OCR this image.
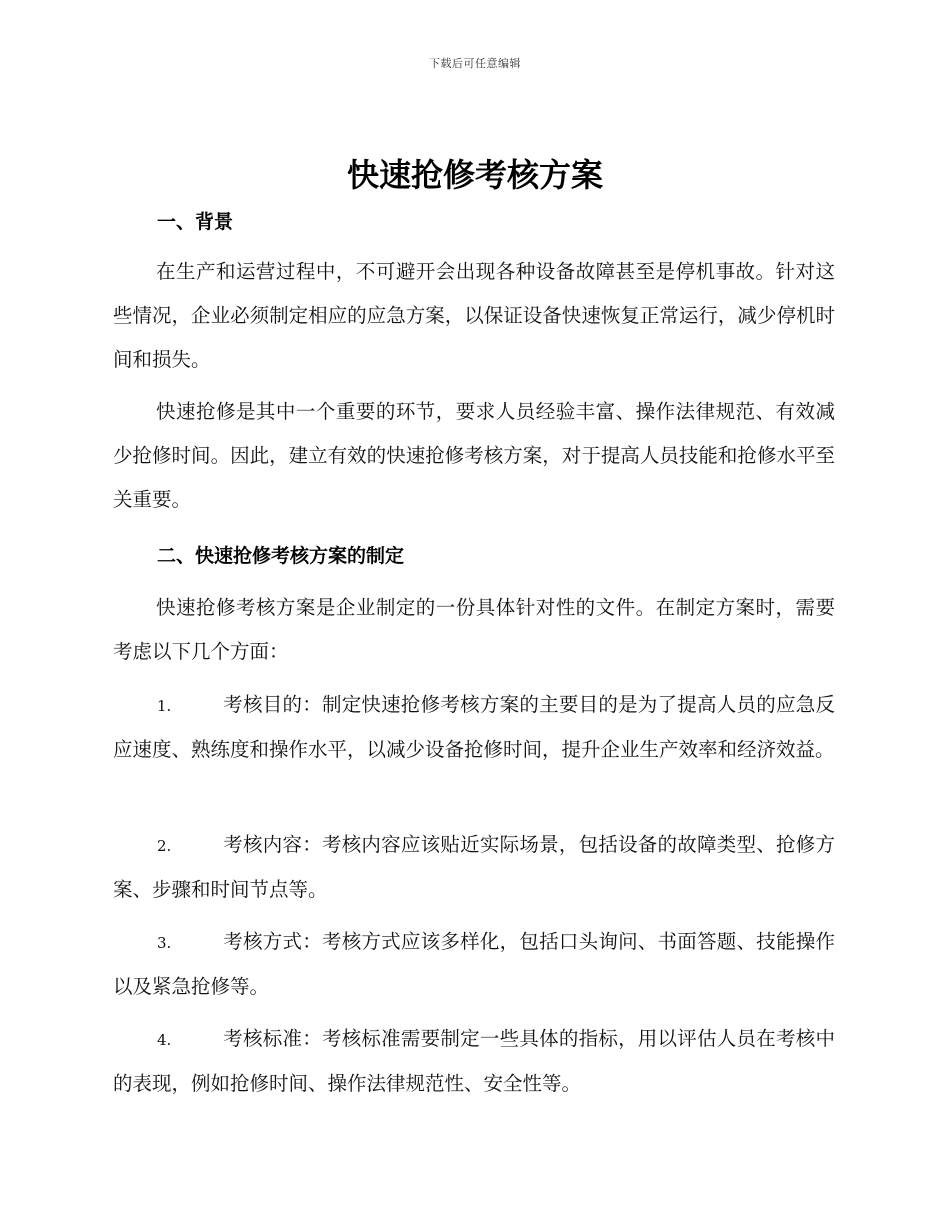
下载后可任意编辑
快速抢修考核方案
一、背景

在生产和运营过程中，不可避开会出现各种设备故障甚至是停机事故。针对这些情况，企业必须制定相应的应急方案，以保证设备快速恢复正常运行，减少停机时间和损失。

快速抢修是其中一个重要的环节，要求人员经验丰富、操作法律规范、有效减少抢修时间。因此，建立有效的快速抢修考核方案，对于提高人员技能和抢修水平至关重要。

二、快速抢修考核方案的制定

快速抢修考核方案是企业制定的一份具体针对性的文件。在制定方案时，需要考虑以下几个方面：

1.	考核目的：制定快速抢修考核方案的主要目的是为了提高人员的应急反应速度、熟练度和操作水平，以减少设备抢修时间，提升企业生产效率和经济效益。

2.	考核内容：考核内容应该贴近实际场景，包括设备的故障类型、抢修方案、步骤和时间节点等。

3.	考核方式：考核方式应该多样化，包括口头询问、书面答题、技能操作以及紧急抢修等。

4.	考核标准：考核标准需要制定一些具体的指标，用以评估人员在考核中的表现，例如抢修时间、操作法律规范性、安全性等。
